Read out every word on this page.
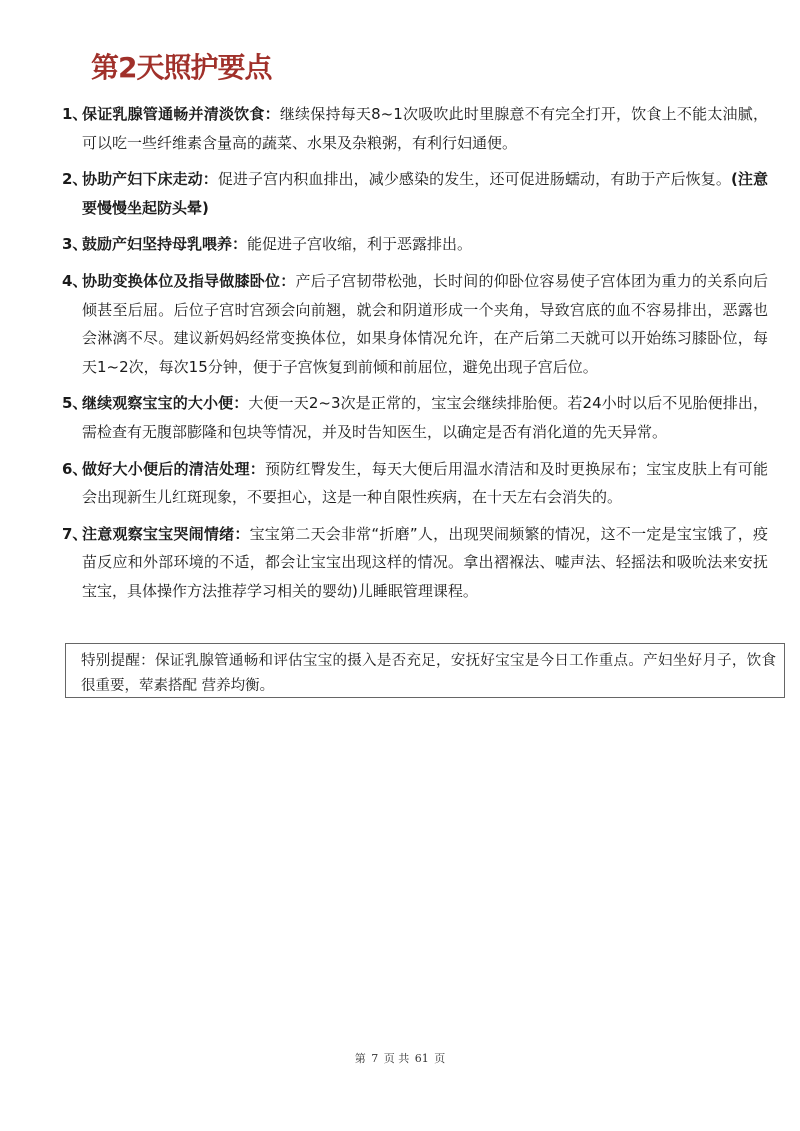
第2天照护要点
1、
保证乳腺管通畅并清淡饮食：继续保持每天8~1次吸吹此时里腺意不有完全打开，饮食上不能太油腻，可以吃一些纤维素含量高的蔬菜、水果及杂粮粥，有利行妇通便。
2、
协助产妇下床走动：促进子宫内积血排出，减少感染的发生，还可促进肠蠕动，有助于产后恢复。(注意要慢慢坐起防头晕)
3、
鼓励产妇坚持母乳喂养：能促进子宫收缩，利于恶露排出。
4、
协助变换体位及指导做膝卧位：产后子宫韧带松弛，长时间的仰卧位容易使子宫体团为重力的关系向后倾甚至后屈。后位子宫时宫颈会向前翘，就会和阴道形成一个夹角，导致宫底的血不容易排出，恶露也会淋漓不尽。建议新妈妈经常变换体位，如果身体情况允许，在产后第二天就可以开始练习膝卧位，每天1~2次，每次15分钟，便于子宫恢复到前倾和前屈位，避免出现子宫后位。
5、
继续观察宝宝的大小便：大便一天2~3次是正常的，宝宝会继续排胎便。若24小时以后不见胎便排出，需检查有无腹部膨隆和包块等情况，并及时告知医生，以确定是否有消化道的先天异常。
6、
做好大小便后的清洁处理：预防红臀发生，每天大便后用温水清洁和及时更换尿布；宝宝皮肤上有可能会出现新生儿红斑现象，不要担心，这是一种自限性疾病，在十天左右会消失的。
7、
注意观察宝宝哭闹情绪：宝宝第二天会非常“折磨”人，出现哭闹频繁的情况，这不一定是宝宝饿了，疫苗反应和外部环境的不适，都会让宝宝出现这样的情况。拿出褶褓法、嘘声法、轻摇法和吸吮法来安抚宝宝，具体操作方法推荐学习相关的婴幼)儿睡眠管理课程。
特别提醒：保证乳腺管通畅和评估宝宝的摄入是否充足，安抚好宝宝是今日工作重点。产妇坐好月子，饮食很重要，荤素搭配 营养均衡。
第 7 页 共 61 页
